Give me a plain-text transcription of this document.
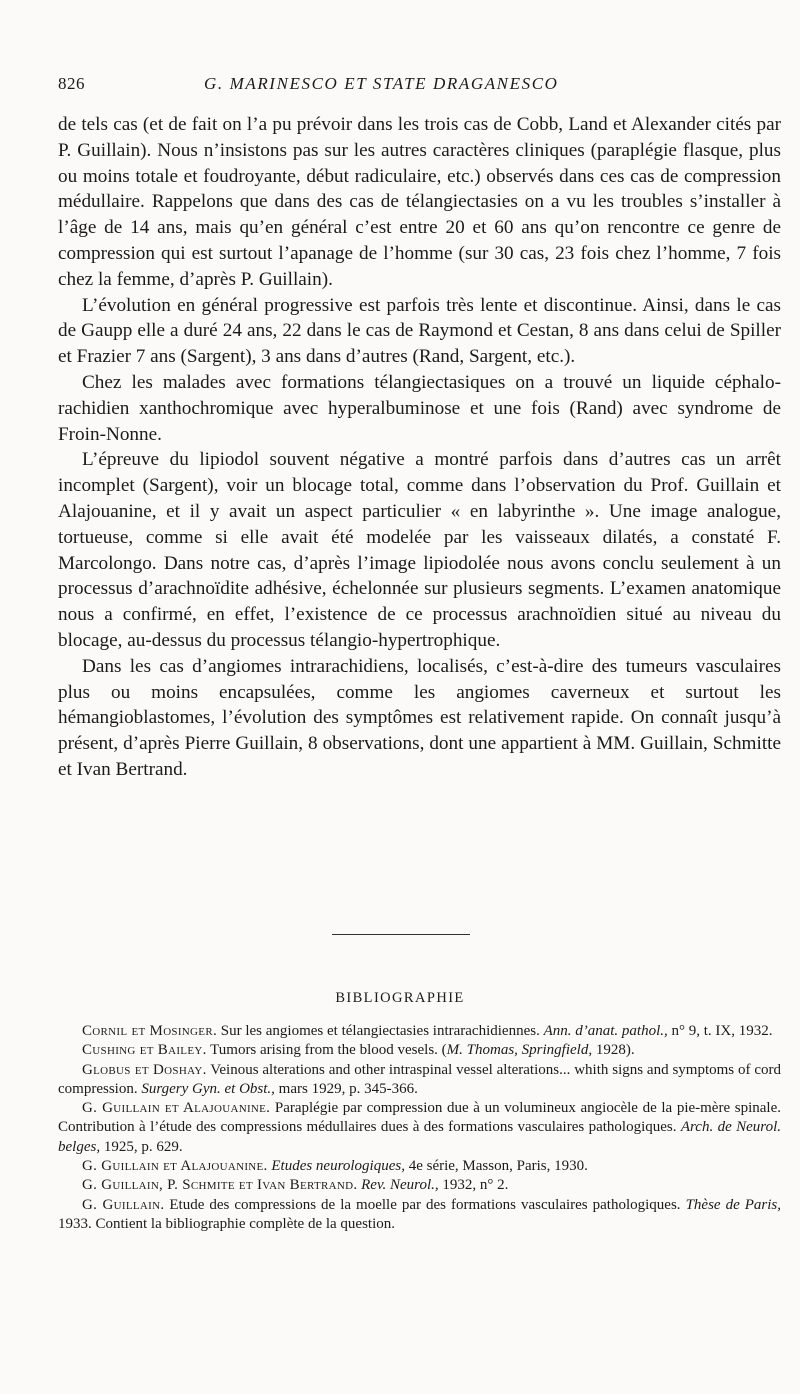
826	G. MARINESCO ET STATE DRAGANESCO

de tels cas (et de fait on l’a pu prévoir dans les trois cas de Cobb, Land et Alexander cités par P. Guillain). Nous n’insistons pas sur les autres caractères cliniques (paraplégie flasque, plus ou moins totale et foudroyante, début radiculaire, etc.) observés dans ces cas de compression médullaire. Rappelons que dans des cas de télangiectasies on a vu les troubles s’installer à l’âge de 14 ans, mais qu’en général c’est entre 20 et 60 ans qu’on rencontre ce genre de compression qui est surtout l’apanage de l’homme (sur 30 cas, 23 fois chez l’homme, 7 fois chez la femme, d’après P. Guillain).

L’évolution en général progressive est parfois très lente et discontinue. Ainsi, dans le cas de Gaupp elle a duré 24 ans, 22 dans le cas de Raymond et Cestan, 8 ans dans celui de Spiller et Frazier 7 ans (Sargent), 3 ans dans d’autres (Rand, Sargent, etc.).

Chez les malades avec formations télangiectasiques on a trouvé un liquide céphalo-rachidien xanthochromique avec hyperalbuminose et une fois (Rand) avec syndrome de Froin-Nonne.

L’épreuve du lipiodol souvent négative a montré parfois dans d’autres cas un arrêt incomplet (Sargent), voir un blocage total, comme dans l’observation du Prof. Guillain et Alajouanine, et il y avait un aspect particulier « en labyrinthe ». Une image analogue, tortueuse, comme si elle avait été modelée par les vaisseaux dilatés, a constaté F. Marcolongo. Dans notre cas, d’après l’image lipiodolée nous avons conclu seulement à un processus d’arachnoïdite adhésive, échelonnée sur plusieurs segments. L’examen anatomique nous a confirmé, en effet, l’existence de ce processus arachnoïdien situé au niveau du blocage, au-dessus du processus télangio-hypertrophique.

Dans les cas d’angiomes intrarachidiens, localisés, c’est-à-dire des tumeurs vasculaires plus ou moins encapsulées, comme les angiomes caverneux et surtout les hémangioblastomes, l’évolution des symptômes est relativement rapide. On connaît jusqu’à présent, d’après Pierre Guillain, 8 observations, dont une appartient à MM. Guillain, Schmitte et Ivan Bertrand.

BIBLIOGRAPHIE

Cornil et Mosinger. Sur les angiomes et télangiectasies intrarachidiennes. Ann. d’anat. pathol., n° 9, t. IX, 1932.

Cushing et Bailey. Tumors arising from the blood vesels. (M. Thomas, Springfield, 1928).

Globus et Doshay. Veinous alterations and other intraspinal vessel alterations... whith signs and symptoms of cord compression. Surgery Gyn. et Obst., mars 1929, p. 345-366.

G. Guillain et Alajouanine. Paraplégie par compression due à un volumineux angiocèle de la pie-mère spinale. Contribution à l’étude des compressions médullaires dues à des formations vasculaires pathologiques. Arch. de Neurol. belges, 1925, p. 629.

G. Guillain et Alajouanine. Etudes neurologiques, 4e série, Masson, Paris, 1930.

G. Guillain, P. Schmite et Ivan Bertrand. Rev. Neurol., 1932, n° 2.

G. Guillain. Etude des compressions de la moelle par des formations vasculaires pathologiques. Thèse de Paris, 1933. Contient la bibliographie complète de la question.
